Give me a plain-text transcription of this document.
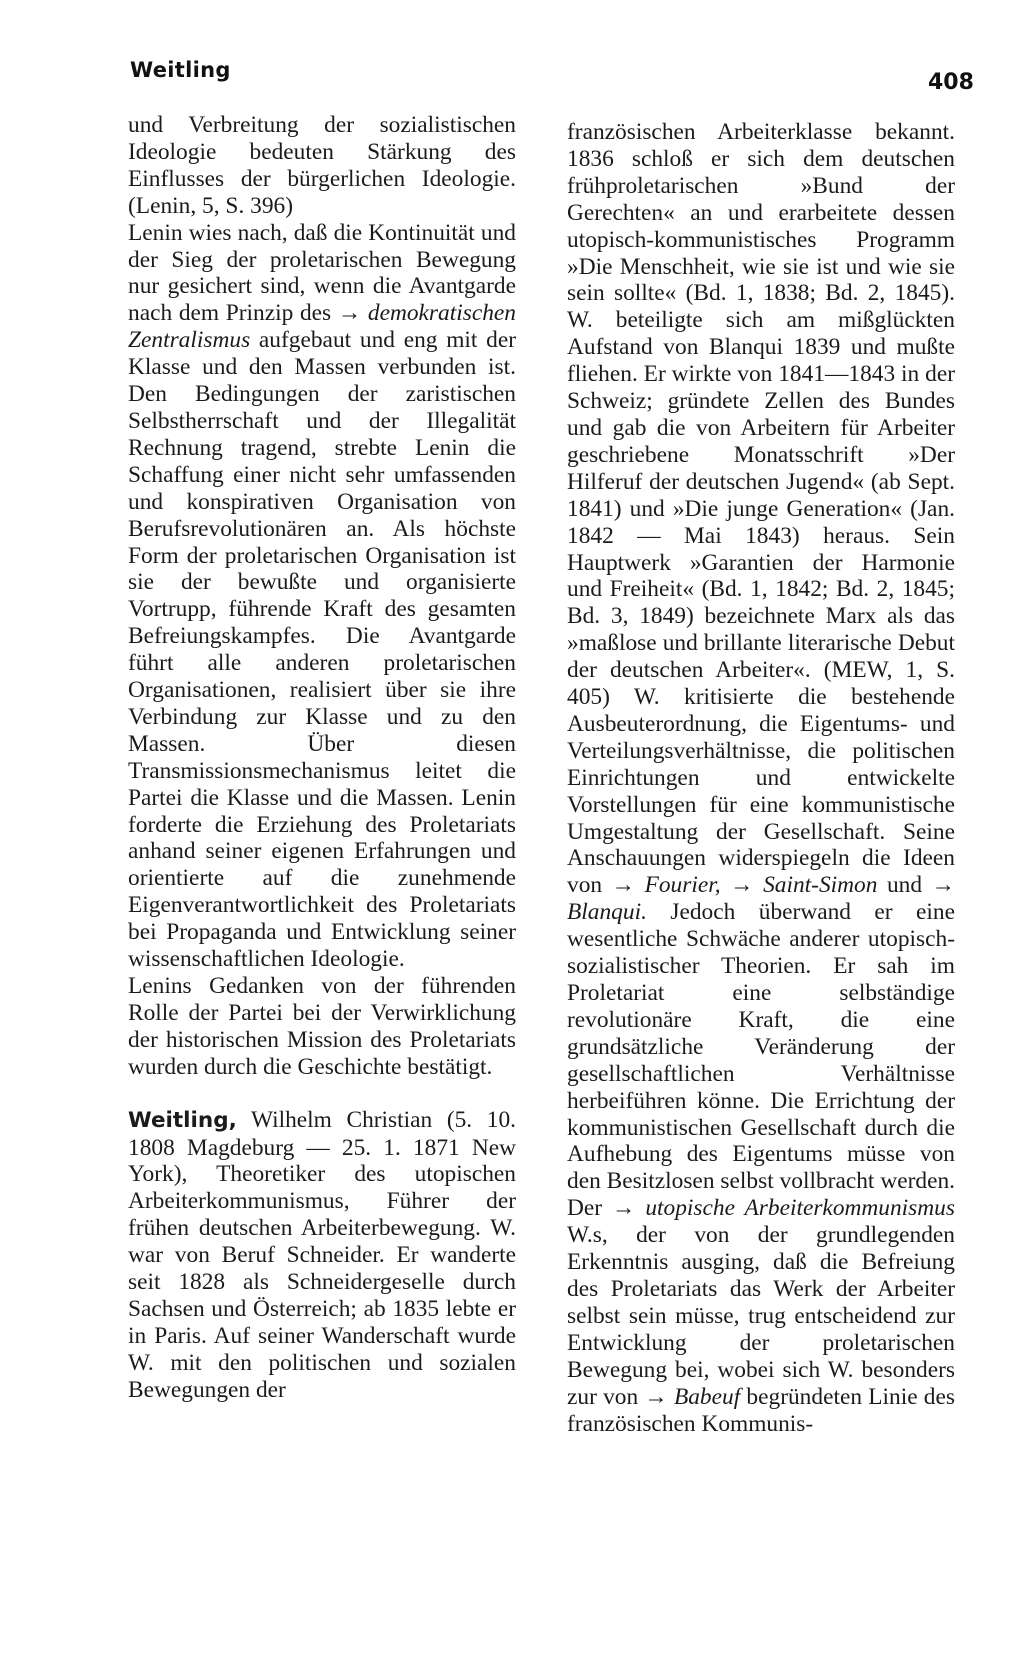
Weitling	408

und Verbreitung der sozialistischen Ideologie bedeuten Stärkung des Einflusses der bürgerlichen Ideologie. (Lenin, 5, S. 396)

Lenin wies nach, daß die Kontinuität und der Sieg der proletarischen Bewegung nur gesichert sind, wenn die Avantgarde nach dem Prinzip des → demokratischen Zentralismus aufgebaut und eng mit der Klasse und den Massen verbunden ist. Den Bedingungen der zaristischen Selbstherrschaft und der Illegalität Rechnung tragend, strebte Lenin die Schaffung einer nicht sehr umfassenden und konspirativen Organisation von Berufsrevolutionären an. Als höchste Form der proletarischen Organisation ist sie der bewußte und organisierte Vortrupp, führende Kraft des gesamten Befreiungskampfes. Die Avantgarde führt alle anderen proletarischen Organisationen, realisiert über sie ihre Verbindung zur Klasse und zu den Massen. Über diesen Transmissionsmechanismus leitet die Partei die Klasse und die Massen. Lenin forderte die Erziehung des Proletariats anhand seiner eigenen Erfahrungen und orientierte auf die zunehmende Eigenverantwortlichkeit des Proletariats bei Propaganda und Entwicklung seiner wissenschaftlichen Ideologie.

Lenins Gedanken von der führenden Rolle der Partei bei der Verwirklichung der historischen Mission des Proletariats wurden durch die Geschichte bestätigt.

Weitling, Wilhelm Christian (5. 10. 1808 Magdeburg — 25. 1. 1871 New York), Theoretiker des utopischen Arbeiterkommunismus, Führer der frühen deutschen Arbeiterbewegung. W. war von Beruf Schneider. Er wanderte seit 1828 als Schneidergeselle durch Sachsen und Österreich; ab 1835 lebte er in Paris. Auf seiner Wanderschaft wurde W. mit den politischen und sozialen Bewegungen der

französischen Arbeiterklasse bekannt. 1836 schloß er sich dem deutschen frühproletarischen »Bund der Gerechten« an und erarbeitete dessen utopisch-kommunistisches Programm »Die Menschheit, wie sie ist und wie sie sein sollte« (Bd. 1, 1838; Bd. 2, 1845). W. beteiligte sich am mißglückten Aufstand von Blanqui 1839 und mußte fliehen. Er wirkte von 1841—1843 in der Schweiz; gründete Zellen des Bundes und gab die von Arbeitern für Arbeiter geschriebene Monatsschrift »Der Hilferuf der deutschen Jugend« (ab Sept. 1841) und »Die junge Generation« (Jan. 1842 — Mai 1843) heraus. Sein Hauptwerk »Garantien der Harmonie und Freiheit« (Bd. 1, 1842; Bd. 2, 1845; Bd. 3, 1849) bezeichnete Marx als das »maßlose und brillante literarische Debut der deutschen Arbeiter«. (MEW, 1, S. 405) W. kritisierte die bestehende Ausbeuterordnung, die Eigentums- und Verteilungsverhältnisse, die politischen Einrichtungen und entwickelte Vorstellungen für eine kommunistische Umgestaltung der Gesellschaft. Seine Anschauungen widerspiegeln die Ideen von → Fourier, → Saint-Simon und → Blanqui. Jedoch überwand er eine wesentliche Schwäche anderer utopisch-sozialistischer Theorien. Er sah im Proletariat eine selbständige revolutionäre Kraft, die eine grundsätzliche Veränderung der gesellschaftlichen Verhältnisse herbeiführen könne. Die Errichtung der kommunistischen Gesellschaft durch die Aufhebung des Eigentums müsse von den Besitzlosen selbst vollbracht werden. Der → utopische Arbeiterkommunismus W.s, der von der grundlegenden Erkenntnis ausging, daß die Befreiung des Proletariats das Werk der Arbeiter selbst sein müsse, trug entscheidend zur Entwicklung der proletarischen Bewegung bei, wobei sich W. besonders zur von → Babeuf begründeten Linie des französischen Kommunis-
